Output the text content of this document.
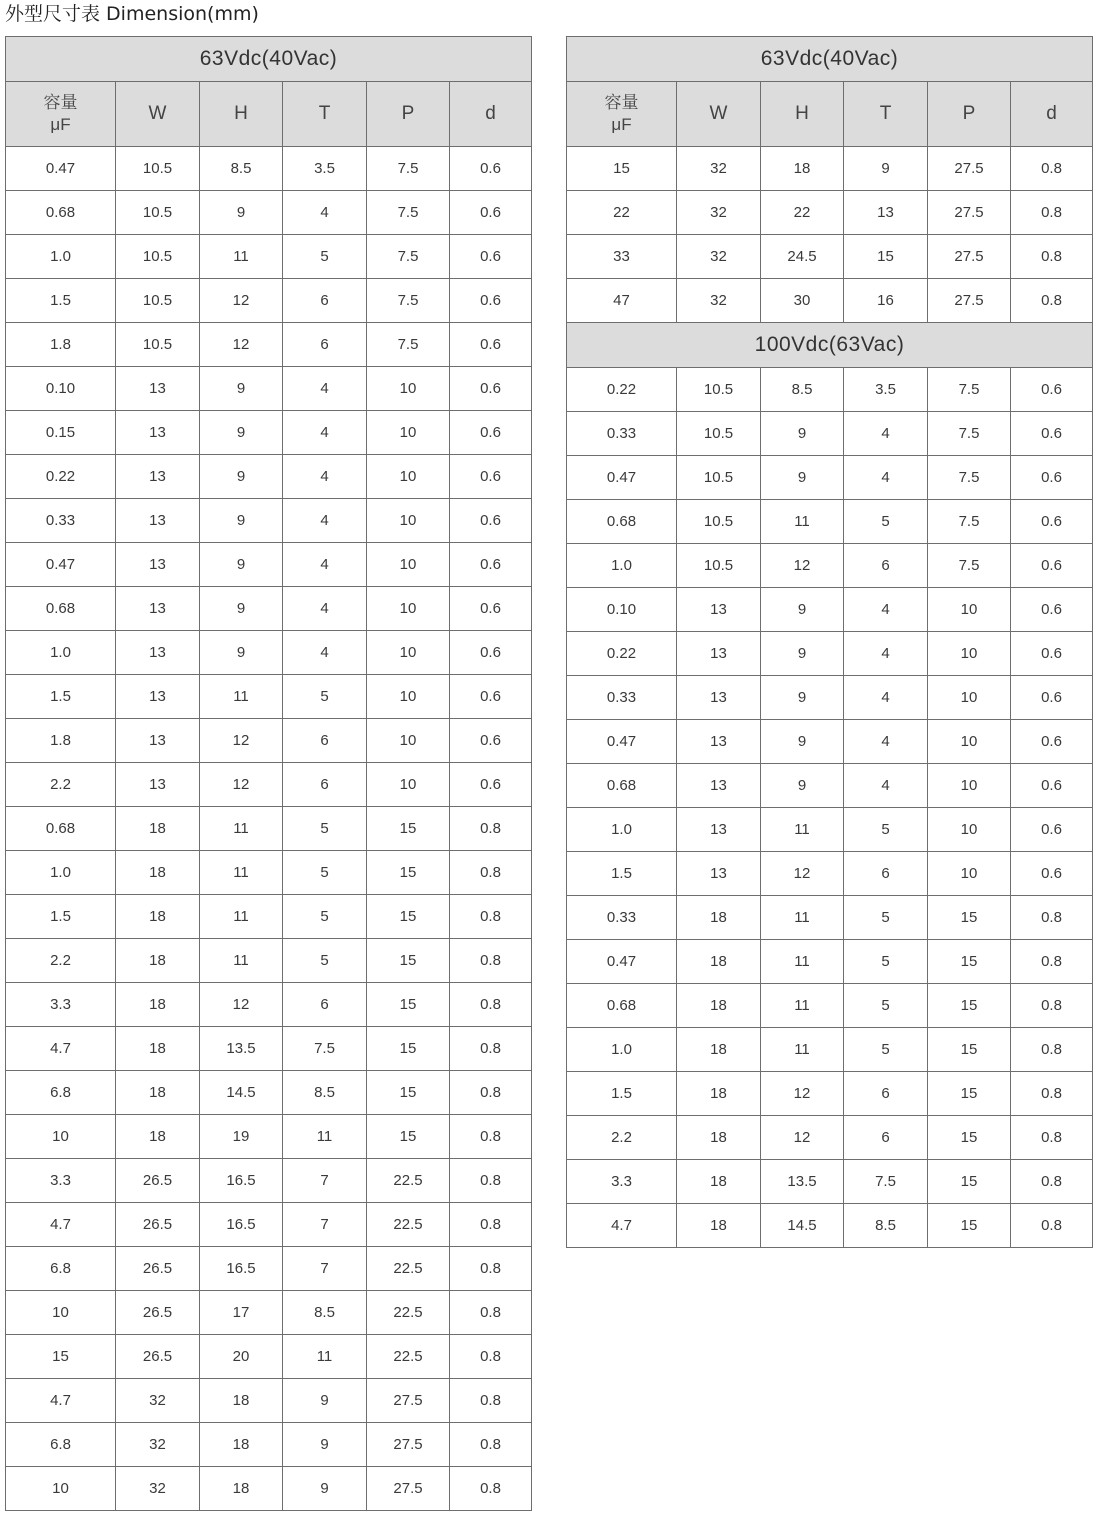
外型尺寸表 Dimension(mm)
63Vdc(40Vac)					

容量
μF	W	H	T	P	d
0.47	10.5	8.5	3.5	7.5	0.6
0.68	10.5	9	4	7.5	0.6
1.0	10.5	11	5	7.5	0.6
1.5	10.5	12	6	7.5	0.6
1.8	10.5	12	6	7.5	0.6
0.10	13	9	4	10	0.6
0.15	13	9	4	10	0.6
0.22	13	9	4	10	0.6
0.33	13	9	4	10	0.6
0.47	13	9	4	10	0.6
0.68	13	9	4	10	0.6
1.0	13	9	4	10	0.6
1.5	13	11	5	10	0.6
1.8	13	12	6	10	0.6
2.2	13	12	6	10	0.6
0.68	18	11	5	15	0.8
1.0	18	11	5	15	0.8
1.5	18	11	5	15	0.8
2.2	18	11	5	15	0.8
3.3	18	12	6	15	0.8
4.7	18	13.5	7.5	15	0.8
6.8	18	14.5	8.5	15	0.8
10	18	19	11	15	0.8
3.3	26.5	16.5	7	22.5	0.8
4.7	26.5	16.5	7	22.5	0.8
6.8	26.5	16.5	7	22.5	0.8
10	26.5	17	8.5	22.5	0.8
15	26.5	20	11	22.5	0.8
4.7	32	18	9	27.5	0.8
6.8	32	18	9	27.5	0.8
10	32	18	9	27.5	0.8
63Vdc(40Vac)					

容量
μF	W	H	T	P	d
15	32	18	9	27.5	0.8
22	32	22	13	27.5	0.8
33	32	24.5	15	27.5	0.8
47	32	30	16	27.5	0.8
100Vdc(63Vac)					
0.22	10.5	8.5	3.5	7.5	0.6
0.33	10.5	9	4	7.5	0.6
0.47	10.5	9	4	7.5	0.6
0.68	10.5	11	5	7.5	0.6
1.0	10.5	12	6	7.5	0.6
0.10	13	9	4	10	0.6
0.22	13	9	4	10	0.6
0.33	13	9	4	10	0.6
0.47	13	9	4	10	0.6
0.68	13	9	4	10	0.6
1.0	13	11	5	10	0.6
1.5	13	12	6	10	0.6
0.33	18	11	5	15	0.8
0.47	18	11	5	15	0.8
0.68	18	11	5	15	0.8
1.0	18	11	5	15	0.8
1.5	18	12	6	15	0.8
2.2	18	12	6	15	0.8
3.3	18	13.5	7.5	15	0.8
4.7	18	14.5	8.5	15	0.8
